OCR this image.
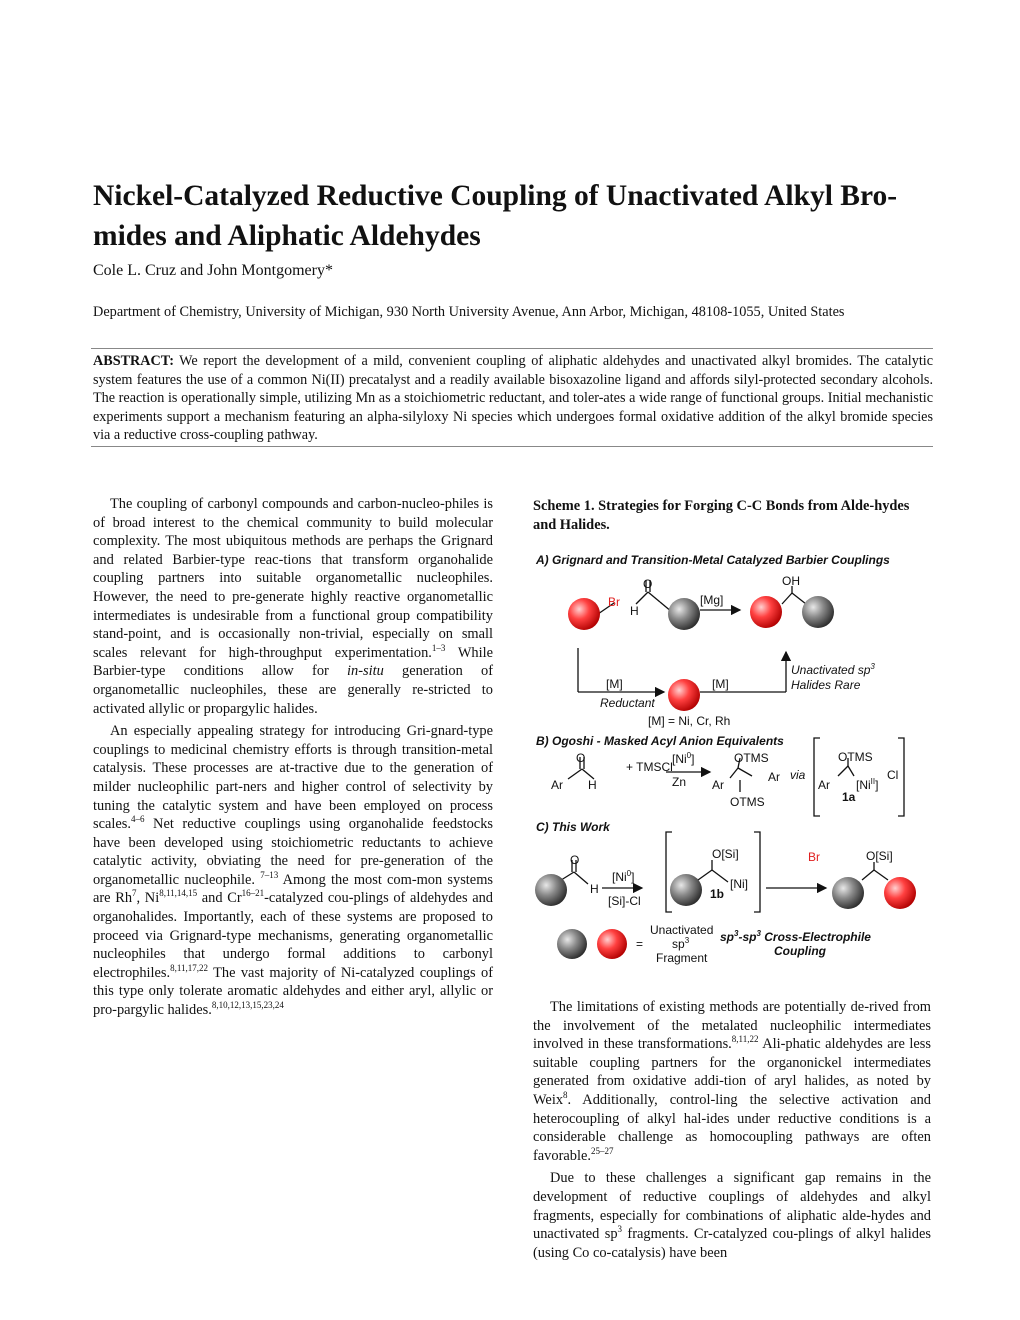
Nickel-Catalyzed Reductive Coupling of Unactivated Alkyl Bro-mides and Aliphatic Aldehydes
Cole L. Cruz and John Montgomery*
Department of Chemistry, University of Michigan, 930 North University Avenue, Ann Arbor, Michigan, 48108-1055, United States
ABSTRACT: We report the development of a mild, convenient coupling of aliphatic aldehydes and unactivated alkyl bromides. The catalytic system features the use of a common Ni(II) precatalyst and a readily available bisoxazoline ligand and affords silyl-protected secondary alcohols. The reaction is operationally simple, utilizing Mn as a stoichiometric reductant, and toler-ates a wide range of functional groups. Initial mechanistic experiments support a mechanism featuring an alpha-silyloxy Ni species which undergoes formal oxidative addition of the alkyl bromide species via a reductive cross-coupling pathway.

The coupling of carbonyl compounds and carbon-nucleo-philes is of broad interest to the chemical community to build molecular complexity. The most ubiquitous methods are perhaps the Grignard and related Barbier-type reac-tions that transform organohalide coupling partners into suitable organometallic nucleophiles. However, the need to pre-generate highly reactive organometallic intermediates is undesirable from a functional group compatibility stand-point, and is occasionally non-trivial, especially on small scales relevant for high-throughput experimentation.$^{1-3}$ While Barbier-type conditions allow for in-situ generation of organometallic nucleophiles, these are generally re-stricted to activated allylic or propargylic halides.

An especially appealing strategy for introducing Gri-gnard-type couplings to medicinal chemistry efforts is through transition-metal catalysis. These processes are at-tractive due to the generation of milder nucleophilic part-ners and higher control of selectivity by tuning the catalytic system and have been employed on process scales.$^{4-6}$ Net reductive couplings using organohalide feedstocks have been developed using stoichiometric reductants to achieve catalytic activity, obviating the need for pre-generation of the organometallic nucleophile. $^{7-13}$ Among the most com-mon systems are Rh$^7$, Ni$^{8,11,14,15}$ and Cr$^{16-21}$-catalyzed cou-plings of aldehydes and organohalides. Importantly, each of these systems are proposed to proceed via Grignard-type mechanisms, generating organometallic nucleophiles that undergo formal additions to carbonyl electrophiles.$^{8,11,17,22}$ The vast majority of Ni-catalyzed couplings of this type only tolerate aromatic aldehydes and either aryl, allylic or pro-pargylic halides.$^{8,10,12,13,15,23,24}$

Scheme 1. Strategies for Forging C-C Bonds from Alde-hydes and Halides.
A) Grignard and Transition-Metal Catalyzed Barbier Couplings
Br
O
H
[Mg]
OH
[M]	[M]
Reductant
[M] = Ni, Cr, Rh
Unactivated $sp^3$
Halides Rare
B) Ogoshi - Masked Acyl Anion Equivalents
O
Ar H
+ TMSCl
[Ni$^0$]
Zn
OTMS
Ar
Ar
OTMS
via
OTMS
Ar $[Ni^{II}]$
Cl
1a
C) This Work
O
H
[Ni$^0$]
[Si]-Cl
O[Si]
[Ni]
1b
Br	O[Si]
=
Unactivated
$sp^3$
Fragment
$sp^3-sp^3$ Cross-Electrophile
Coupling

The limitations of existing methods are potentially de-rived from the involvement of the metalated nucleophilic intermediates involved in these transformations.$^{8,11,22}$ Ali-phatic aldehydes are less suitable coupling partners for the organonickel intermediates generated from oxidative addi-tion of aryl halides, as noted by Weix$^8$. Additionally, control-ling the selective activation and heterocoupling of alkyl hal-ides under reductive conditions is a considerable challenge as homocoupling pathways are often favorable.$^{25-27}$

Due to these challenges a significant gap remains in the development of reductive couplings of aldehydes and alkyl fragments, especially for combinations of aliphatic alde-hydes and unactivated $sp^3$ fragments. Cr-catalyzed cou-plings of alkyl halides (using Co co-catalysis) have been
